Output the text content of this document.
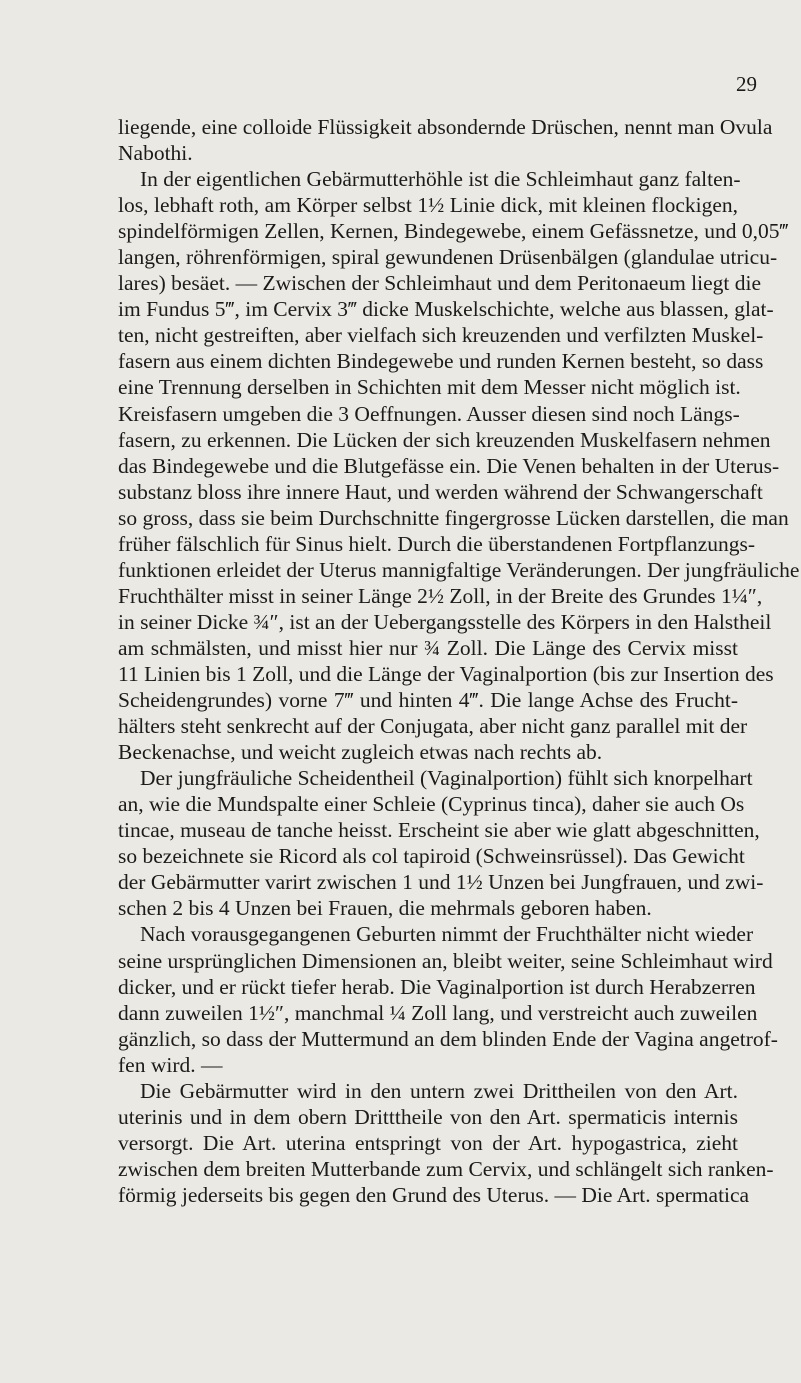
29
liegende, eine colloide Flüssigkeit absondernde Drüschen, nennt man Ovula
Nabothi.
In der eigentlichen Gebärmutterhöhle ist die Schleimhaut ganz falten-
los, lebhaft roth, am Körper selbst 1½ Linie dick, mit kleinen flockigen,
spindelförmigen Zellen, Kernen, Bindegewebe, einem Gefässnetze, und 0,05‴
langen, röhrenförmigen, spiral gewundenen Drüsenbälgen (glandulae utricu-
lares) besäet. — Zwischen der Schleimhaut und dem Peritonaeum liegt die
im Fundus 5‴, im Cervix 3‴ dicke Muskelschichte, welche aus blassen, glat-
ten, nicht gestreiften, aber vielfach sich kreuzenden und verfilzten Muskel-
fasern aus einem dichten Bindegewebe und runden Kernen besteht, so dass
eine Trennung derselben in Schichten mit dem Messer nicht möglich ist.
Kreisfasern umgeben die 3 Oeffnungen. Ausser diesen sind noch Längs-
fasern, zu erkennen. Die Lücken der sich kreuzenden Muskelfasern nehmen
das Bindegewebe und die Blutgefässe ein. Die Venen behalten in der Uterus-
substanz bloss ihre innere Haut, und werden während der Schwangerschaft
so gross, dass sie beim Durchschnitte fingergrosse Lücken darstellen, die man
früher fälschlich für Sinus hielt. Durch die überstandenen Fortpflanzungs-
funktionen erleidet der Uterus mannigfaltige Veränderungen. Der jungfräuliche
Fruchthälter misst in seiner Länge 2½ Zoll, in der Breite des Grundes 1¼″,
in seiner Dicke ¾″, ist an der Uebergangsstelle des Körpers in den Halstheil
am schmälsten, und misst hier nur ¾ Zoll. Die Länge des Cervix misst
11 Linien bis 1 Zoll, und die Länge der Vaginalportion (bis zur Insertion des
Scheidengrundes) vorne 7‴ und hinten 4‴. Die lange Achse des Frucht-
hälters steht senkrecht auf der Conjugata, aber nicht ganz parallel mit der
Beckenachse, und weicht zugleich etwas nach rechts ab.
Der jungfräuliche Scheidentheil (Vaginalportion) fühlt sich knorpelhart
an, wie die Mundspalte einer Schleie (Cyprinus tinca), daher sie auch Os
tincae, museau de tanche heisst. Erscheint sie aber wie glatt abgeschnitten,
so bezeichnete sie Ricord als col tapiroid (Schweinsrüssel). Das Gewicht
der Gebärmutter varirt zwischen 1 und 1½ Unzen bei Jungfrauen, und zwi-
schen 2 bis 4 Unzen bei Frauen, die mehrmals geboren haben.
Nach vorausgegangenen Geburten nimmt der Fruchthälter nicht wieder
seine ursprünglichen Dimensionen an, bleibt weiter, seine Schleimhaut wird
dicker, und er rückt tiefer herab. Die Vaginalportion ist durch Herabzerren
dann zuweilen 1½″, manchmal ¼ Zoll lang, und verstreicht auch zuweilen
gänzlich, so dass der Muttermund an dem blinden Ende der Vagina angetrof-
fen wird. —
Die Gebärmutter wird in den untern zwei Drittheilen von den Art.
uterinis und in dem obern Dritttheile von den Art. spermaticis internis
versorgt. Die Art. uterina entspringt von der Art. hypogastrica, zieht
zwischen dem breiten Mutterbande zum Cervix, und schlängelt sich ranken-
förmig jederseits bis gegen den Grund des Uterus. — Die Art. spermatica
